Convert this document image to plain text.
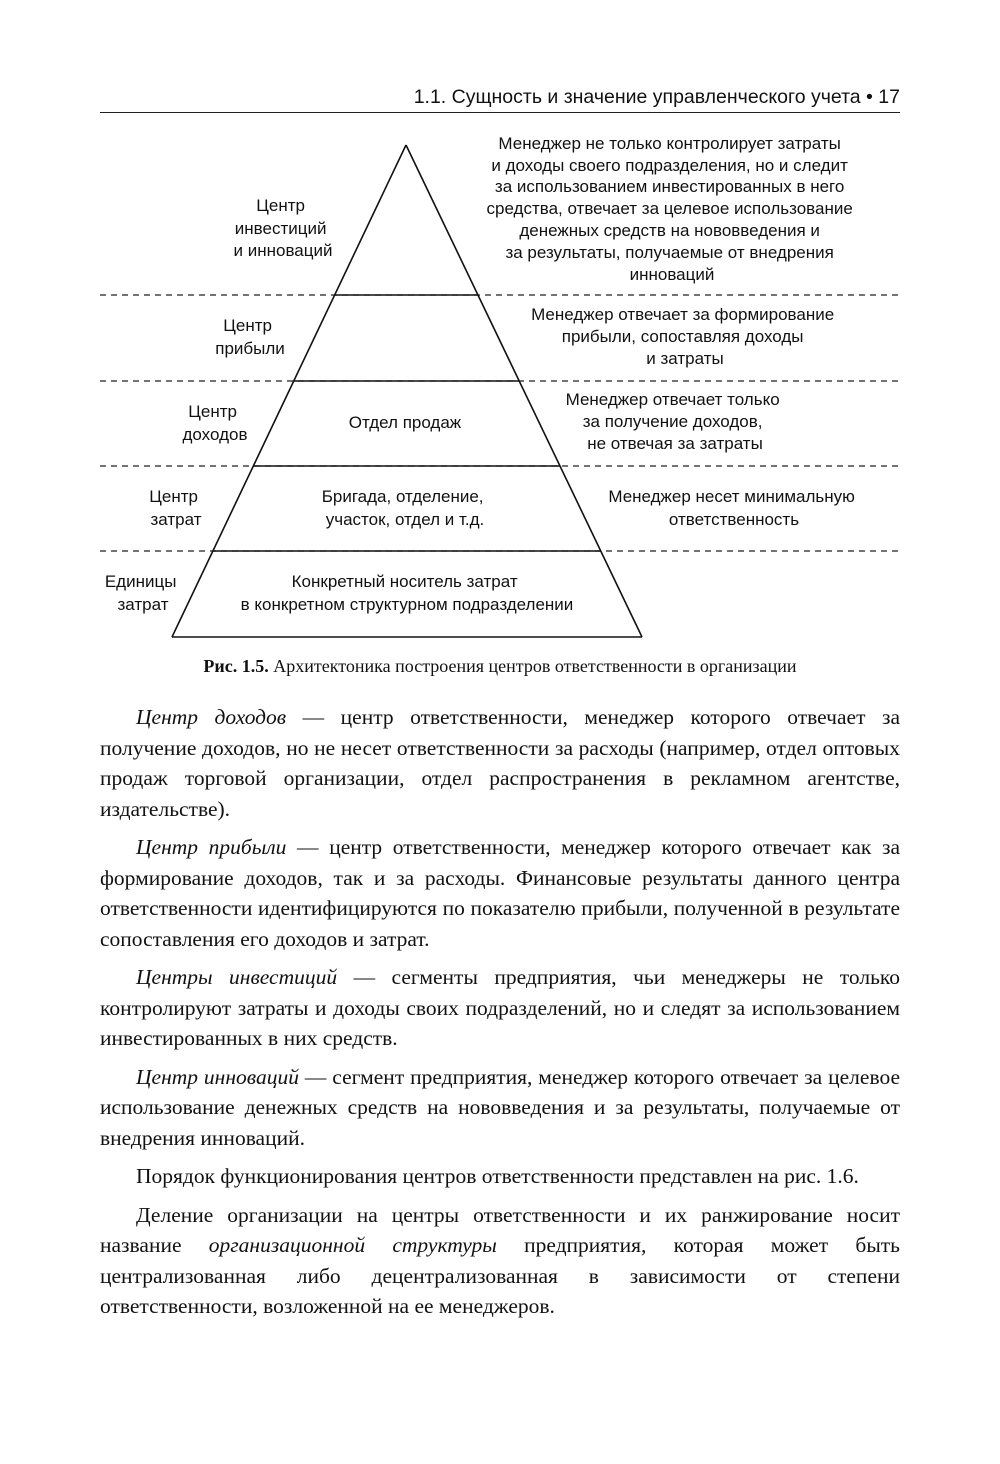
1.1. Сущность и значение управленческого учета • 17
Центр инвестиций и инноваций
Менеджер не только контролирует затраты и доходы своего подразделения, но и следит за использованием инвестированных в него средства, отвечает за целевое использование денежных средств на нововведения и за результаты, получаемые от внедрения инноваций
Центр прибыли
Менеджер отвечает за формирование прибыли, сопоставляя доходы и затраты
Центр доходов
Отдел продаж
Менеджер отвечает только за получение доходов, не отвечая за затраты
Центр затрат
Бригада, отделение, участок, отдел и т.д.
Менеджер несет минимальную ответственность
Единицы затрат
Конкретный носитель затрат в конкретном структурном подразделении
Рис. 1.5. Архитектоника построения центров ответственности в организации

Центр доходов — центр ответственности, менеджер которого отвечает за получение доходов, но не несет ответственности за расходы (например, отдел оптовых продаж торговой организации, отдел распространения в рекламном агентстве, издательстве).

Центр прибыли — центр ответственности, менеджер которого отвечает как за формирование доходов, так и за расходы. Финансовые результаты данного центра ответственности идентифицируются по показателю прибыли, полученной в результате сопоставления его доходов и затрат.

Центры инвестиций — сегменты предприятия, чьи менеджеры не только контролируют затраты и доходы своих подразделений, но и следят за использованием инвестированных в них средств.

Центр инноваций — сегмент предприятия, менеджер которого отвечает за целевое использование денежных средств на нововведения и за результаты, получаемые от внедрения инноваций.

Порядок функционирования центров ответственности представлен на рис. 1.6.

Деление организации на центры ответственности и их ранжирование носит название организационной структуры предприятия, которая может быть централизованная либо децентрализованная в зависимости от степени ответственности, возложенной на ее менеджеров.
